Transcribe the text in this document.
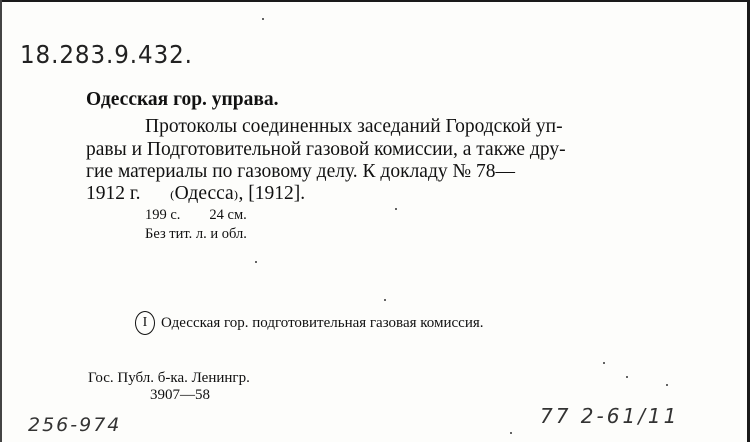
18.283.9.432.
Одесская гор. управа.
Протоколы соединенных заседаний Городской уп-
равы и Подготовительной газовой комиссии, а также дру-
гие материалы по газовому делу. К докладу № 78—
1912 г.      ₍Одесса₎, [1912].
199 с.        24 см.
Без тит. л. и обл.
I Одесская гор. подготовительная газовая комиссия.
Гос. Публ. б-ка. Ленингр.
3907—58
256-974	77 2-61/11
